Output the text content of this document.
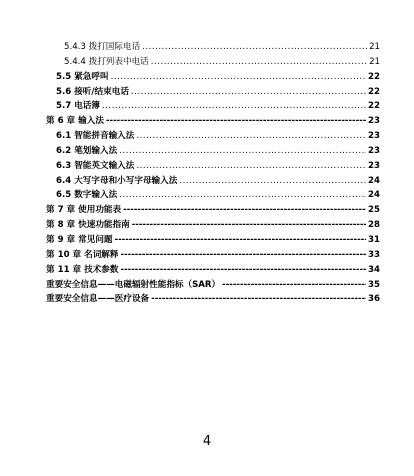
5.4.3 拨打国际电话 .....	21
5.4.4 拨打列表中电话 .....	21
5.5 紧急呼叫 .....	22
5.6 接听/结束电话 .....	22
5.7 电话簿 .....	22
第 6 章 输入法 -----	23
6.1 智能拼音输入法 .....	23
6.2 笔划输入法 .....	23
6.3 智能英文输入法 .....	23
6.4 大写字母和小写字母输入法 .....	24
6.5 数字输入法 .....	24
第 7 章 使用功能表 -----	25
第 8 章 快速功能指南 -----	28
第 9 章 常见问题 -----	31
第 10 章 名词解释 -----	33
第 11 章 技术参数 -----	34
重要安全信息——电磁辐射性能指标（SAR） -----	35
重要安全信息——医疗设备 -----	36
4
